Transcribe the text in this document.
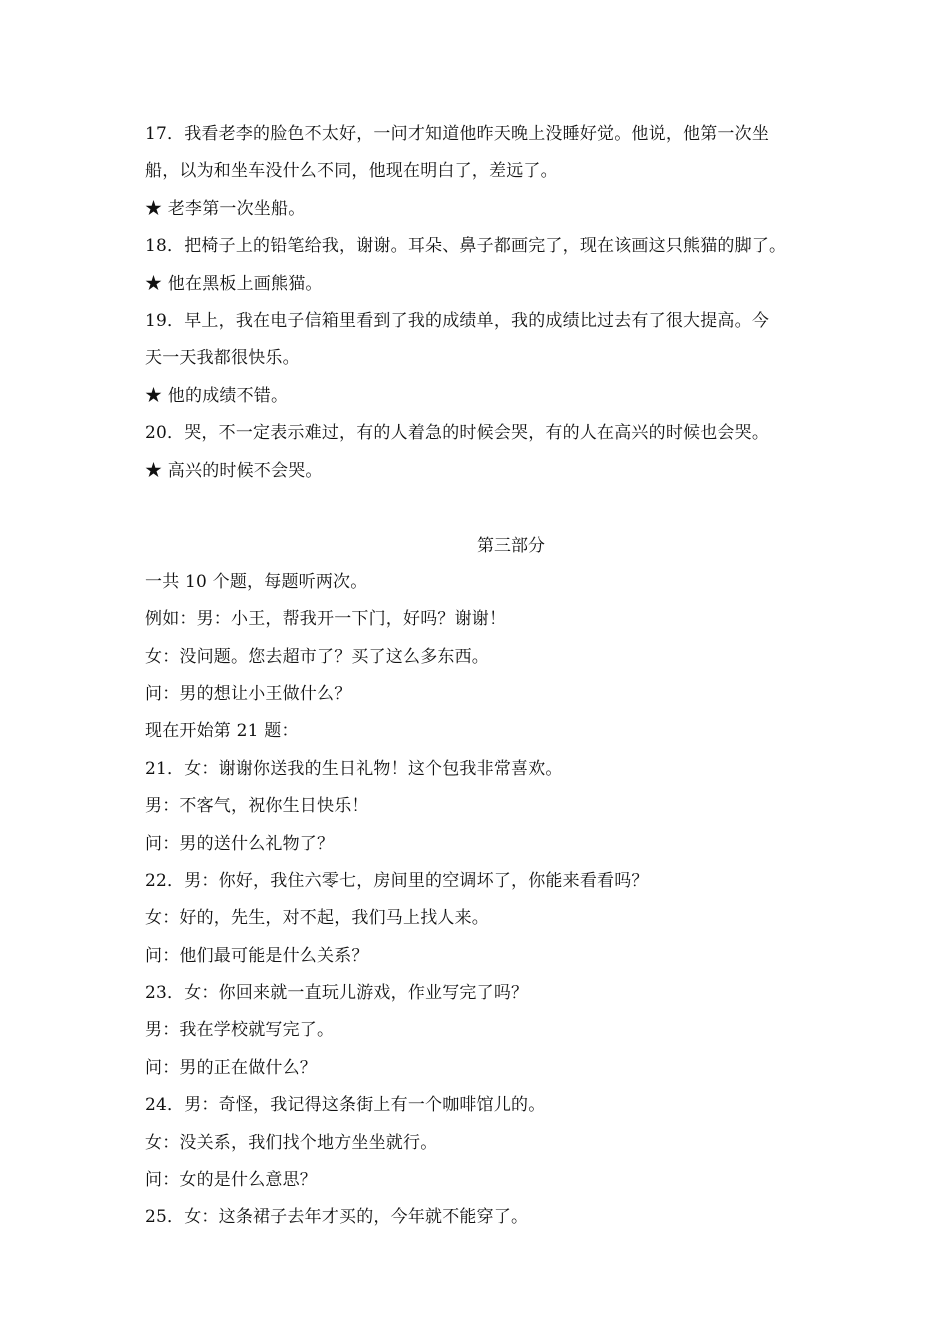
17．我看老李的脸色不太好，一问才知道他昨天晚上没睡好觉。他说，他第一次坐
船，以为和坐车没什么不同，他现在明白了，差远了。
★ 老李第一次坐船。
18．把椅子上的铅笔给我，谢谢。耳朵、鼻子都画完了，现在该画这只熊猫的脚了。
★ 他在黑板上画熊猫。
19．早上，我在电子信箱里看到了我的成绩单，我的成绩比过去有了很大提高。今
天一天我都很快乐。
★ 他的成绩不错。
20．哭，不一定表示难过，有的人着急的时候会哭，有的人在高兴的时候也会哭。
★ 高兴的时候不会哭。
第三部分
一共 10 个题，每题听两次。
例如：男：小王，帮我开一下门，好吗？谢谢！
女：没问题。您去超市了？买了这么多东西。
问：男的想让小王做什么？
现在开始第 21 题：
21．女：谢谢你送我的生日礼物！这个包我非常喜欢。
男：不客气，祝你生日快乐！
问：男的送什么礼物了？
22．男：你好，我住六零七，房间里的空调坏了，你能来看看吗？
女：好的，先生，对不起，我们马上找人来。
问：他们最可能是什么关系？
23．女：你回来就一直玩儿游戏，作业写完了吗？
男：我在学校就写完了。
问：男的正在做什么？
24．男：奇怪，我记得这条街上有一个咖啡馆儿的。
女：没关系，我们找个地方坐坐就行。
问：女的是什么意思？
25．女：这条裙子去年才买的，今年就不能穿了。
